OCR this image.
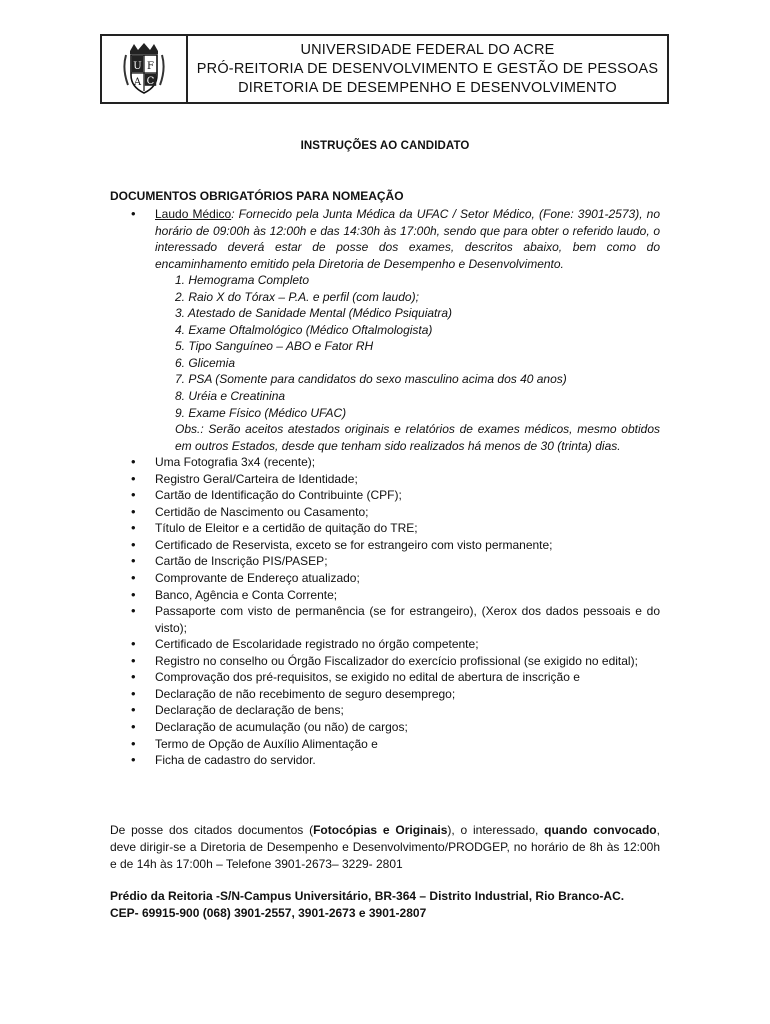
U F
A C
UNIVERSIDADE FEDERAL DO ACRE
PRÓ-REITORIA DE DESENVOLVIMENTO E GESTÃO DE PESSOAS
DIRETORIA DE DESEMPENHO E DESENVOLVIMENTO
INSTRUÇÕES AO CANDIDATO
DOCUMENTOS OBRIGATÓRIOS PARA NOMEAÇÃO
• Laudo Médico: Fornecido pela Junta Médica da UFAC / Setor Médico, (Fone: 3901-2573), no horário de 09:00h às 12:00h e das 14:30h às 17:00h, sendo que para obter o referido laudo, o interessado deverá estar de posse dos exames, descritos abaixo, bem como do encaminhamento emitido pela Diretoria de Desempenho e Desenvolvimento.
1. Hemograma Completo
2. Raio X do Tórax – P.A. e perfil (com laudo);
3. Atestado de Sanidade Mental (Médico Psiquiatra)
4. Exame Oftalmológico (Médico Oftalmologista)
5. Tipo Sanguíneo – ABO e Fator RH
6. Glicemia
7. PSA (Somente para candidatos do sexo masculino acima dos 40 anos)
8. Uréia e Creatinina
9. Exame Físico (Médico UFAC)
Obs.: Serão aceitos atestados originais e relatórios de exames médicos, mesmo obtidos em outros Estados, desde que tenham sido realizados há menos de 30 (trinta) dias.
• Uma Fotografia 3x4 (recente);
• Registro Geral/Carteira de Identidade;
• Cartão de Identificação do Contribuinte (CPF);
• Certidão de Nascimento ou Casamento;
• Título de Eleitor e a certidão de quitação do TRE;
• Certificado de Reservista, exceto se for estrangeiro com visto permanente;
• Cartão de Inscrição PIS/PASEP;
• Comprovante de Endereço atualizado;
• Banco, Agência e Conta Corrente;
• Passaporte com visto de permanência (se for estrangeiro), (Xerox dos dados pessoais e do visto);
• Certificado de Escolaridade registrado no órgão competente;
• Registro no conselho ou Órgão Fiscalizador do exercício profissional (se exigido no edital);
• Comprovação dos pré-requisitos, se exigido no edital de abertura de inscrição e
• Declaração de não recebimento de seguro desemprego;
• Declaração de declaração de bens;
• Declaração de acumulação (ou não) de cargos;
• Termo de Opção de Auxílio Alimentação e
• Ficha de cadastro do servidor.
De posse dos citados documentos (Fotocópias e Originais), o interessado, quando convocado, deve dirigir-se a Diretoria de Desempenho e Desenvolvimento/PRODGEP, no horário de 8h às 12:00h e de 14h às 17:00h – Telefone 3901-2673– 3229- 2801
Prédio da Reitoria -S/N-Campus Universitário, BR-364 – Distrito Industrial, Rio Branco-AC.
CEP- 69915-900 (068) 3901-2557, 3901-2673 e 3901-2807
